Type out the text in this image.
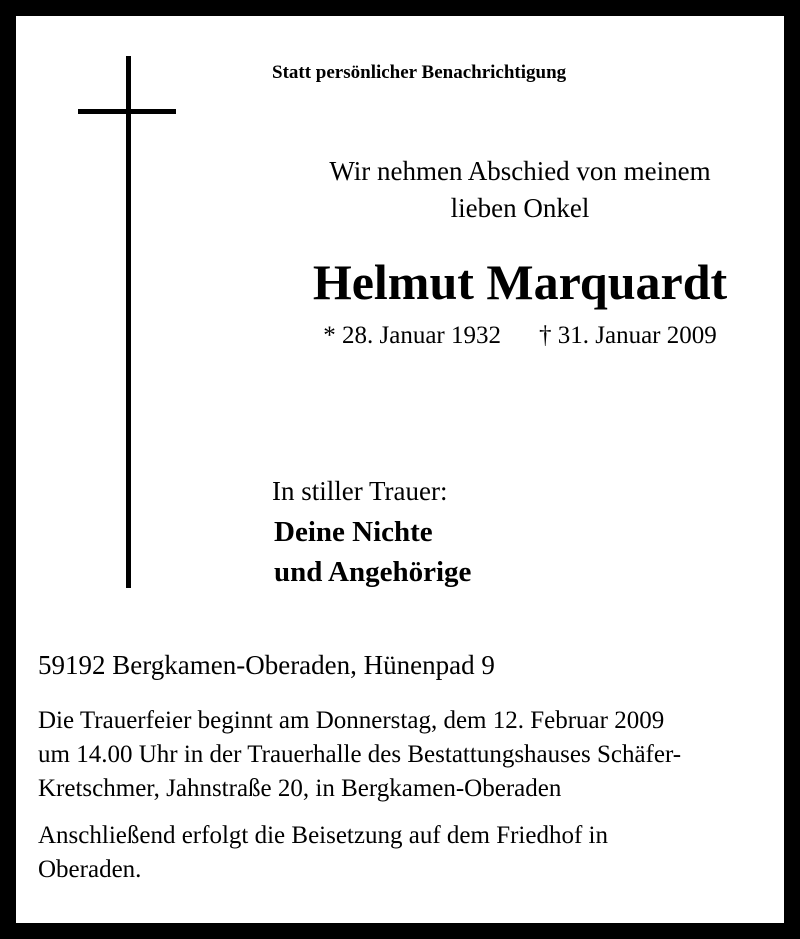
Statt persönlicher Benachrichtigung
Wir nehmen Abschied von meinem
lieben Onkel
Helmut Marquardt
* 28. Januar 1932 † 31. Januar 2009
In stiller Trauer:
Deine Nichte
und Angehörige
59192 Bergkamen-Oberaden, Hünenpad 9
Die Trauerfeier beginnt am Donnerstag, dem 12. Februar 2009
um 14.00 Uhr in der Trauerhalle des Bestattungshauses Schäfer-
Kretschmer, Jahnstraße 20, in Bergkamen-Oberaden
Anschließend erfolgt die Beisetzung auf dem Friedhof in
Oberaden.
